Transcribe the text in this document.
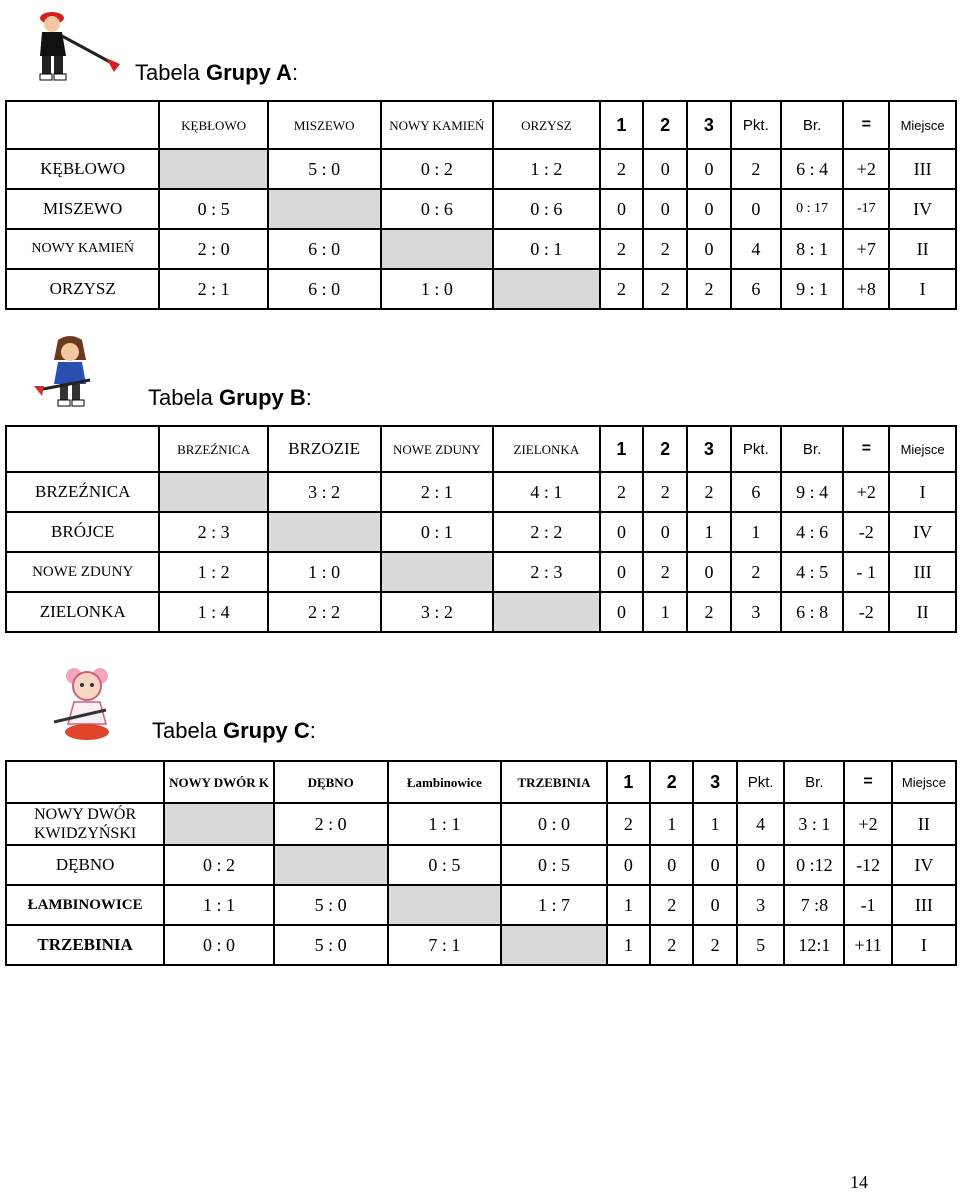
Tabela Grupy A:
	KĘBŁOWO	MISZEWO	NOWY KAMIEŃ	ORZYSZ	1	2	3	Pkt.	Br.	=	Miejsce
KĘBŁOWO		5 : 0	0 : 2	1 : 2	2	0	0	2	6 : 4	+2	III
MISZEWO	0 : 5		0 : 6	0 : 6	0	0	0	0	0 : 17	-17	IV
NOWY KAMIEŃ	2 : 0	6 : 0		0 : 1	2	2	0	4	8 : 1	+7	II
ORZYSZ	2 : 1	6 : 0	1 : 0		2	2	2	6	9 : 1	+8	I
Tabela Grupy B:
	BRZEŹNICA	BRZOZIE	NOWE ZDUNY	ZIELONKA	1	2	3	Pkt.	Br.	=	Miejsce
BRZEŹNICA		3 : 2	2 : 1	4 : 1	2	2	2	6	9 : 4	+2	I
BRÓJCE	2 : 3		0 : 1	2 : 2	0	0	1	1	4 : 6	-2	IV
NOWE ZDUNY	1 : 2	1 : 0		2 : 3	0	2	0	2	4 : 5	- 1	III
ZIELONKA	1 : 4	2 : 2	3 : 2		0	1	2	3	6 : 8	-2	II
Tabela Grupy C:
	NOWY DWÓR K	DĘBNO	Łambinowice	TRZEBINIA	1	2	3	Pkt.	Br.	=	Miejsce
NOWY DWÓR KWIDZYŃSKI		2 : 0	1 : 1	0 : 0	2	1	1	4	3 : 1	+2	II
DĘBNO	0 : 2		0 : 5	0 : 5	0	0	0	0	0 :12	-12	IV
ŁAMBINOWICE	1 : 1	5 : 0		1 : 7	1	2	0	3	7 :8	-1	III
TRZEBINIA	0 : 0	5 : 0	7 : 1		1	2	2	5	12:1	+11	I
14
